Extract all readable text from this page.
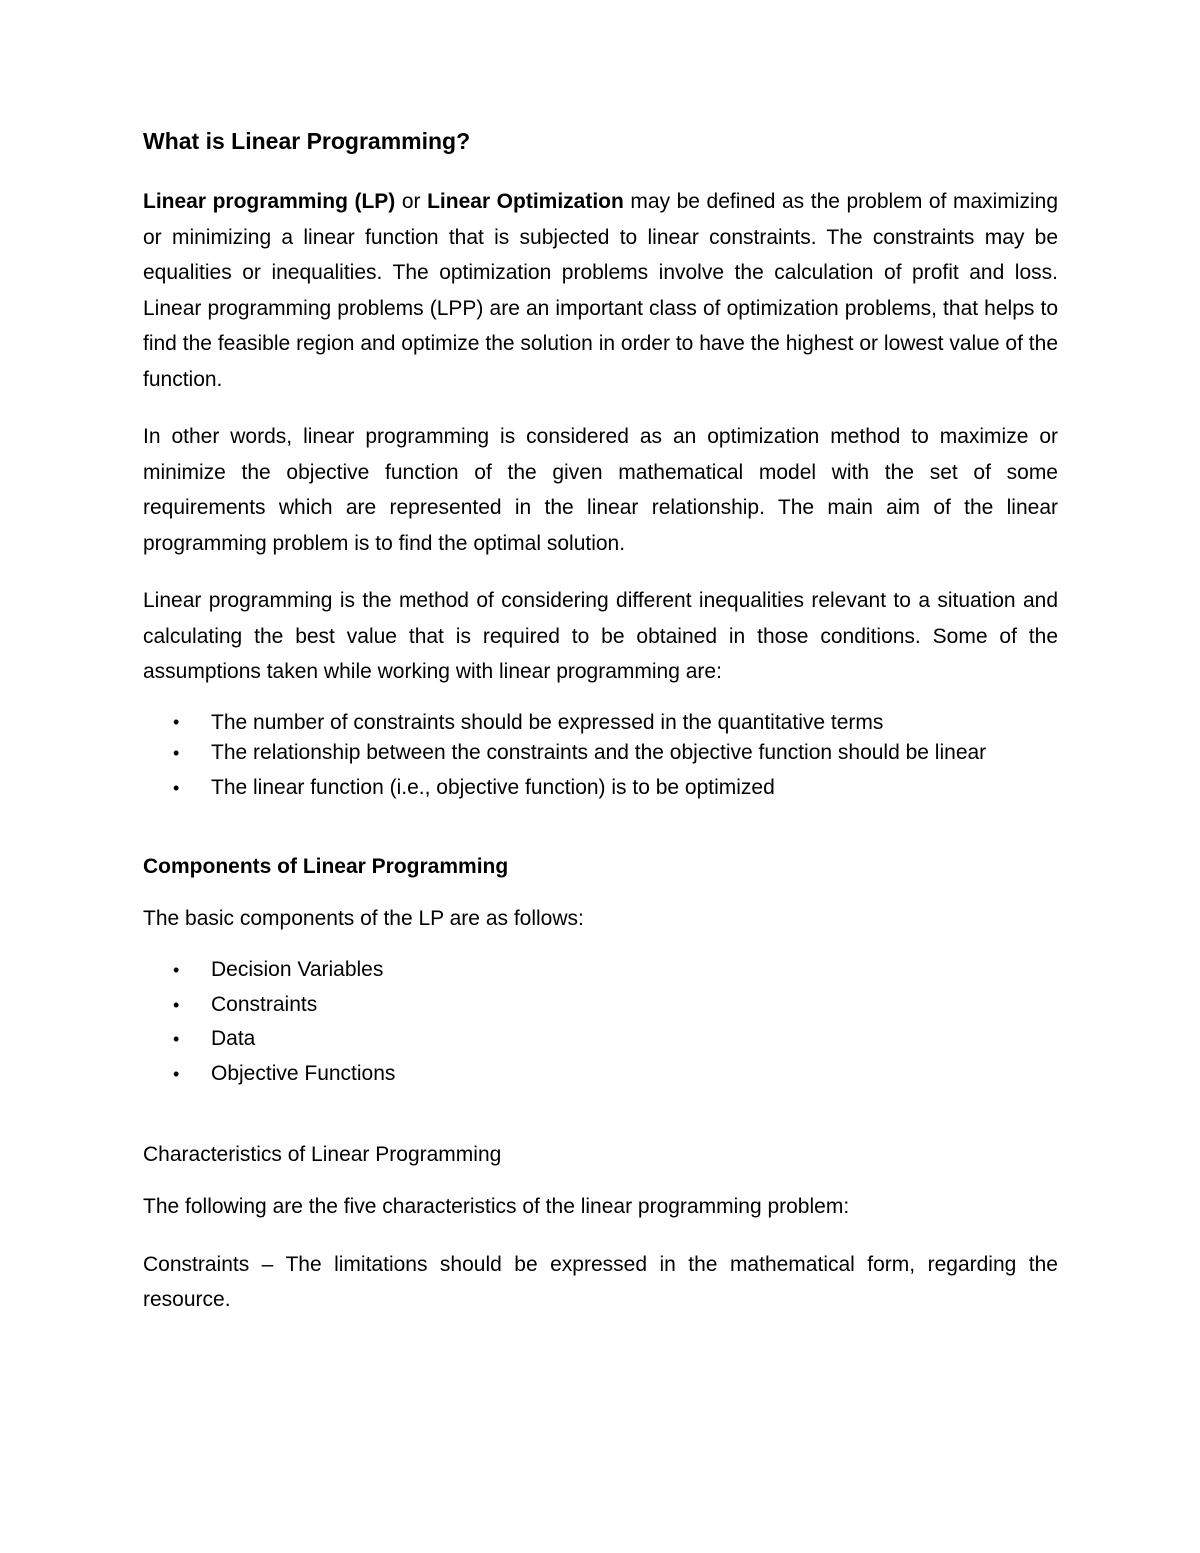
What is Linear Programming?

Linear programming (LP) or Linear Optimization may be defined as the problem of maximizing or minimizing a linear function that is subjected to linear constraints. The constraints may be equalities or inequalities. The optimization problems involve the calculation of profit and loss. Linear programming problems (LPP) are an important class of optimization problems, that helps to find the feasible region and optimize the solution in order to have the highest or lowest value of the function.

In other words, linear programming is considered as an optimization method to maximize or minimize the objective function of the given mathematical model with the set of some requirements which are represented in the linear relationship. The main aim of the linear programming problem is to find the optimal solution.

Linear programming is the method of considering different inequalities relevant to a situation and calculating the best value that is required to be obtained in those conditions. Some of the assumptions taken while working with linear programming are:

• The number of constraints should be expressed in the quantitative terms
• The relationship between the constraints and the objective function should be linear
• The linear function (i.e., objective function) is to be optimized
Components of Linear Programming

The basic components of the LP are as follows:

• Decision Variables
• Constraints
• Data
• Objective Functions
Characteristics of Linear Programming

The following are the five characteristics of the linear programming problem:

Constraints – The limitations should be expressed in the mathematical form, regarding the resource.
